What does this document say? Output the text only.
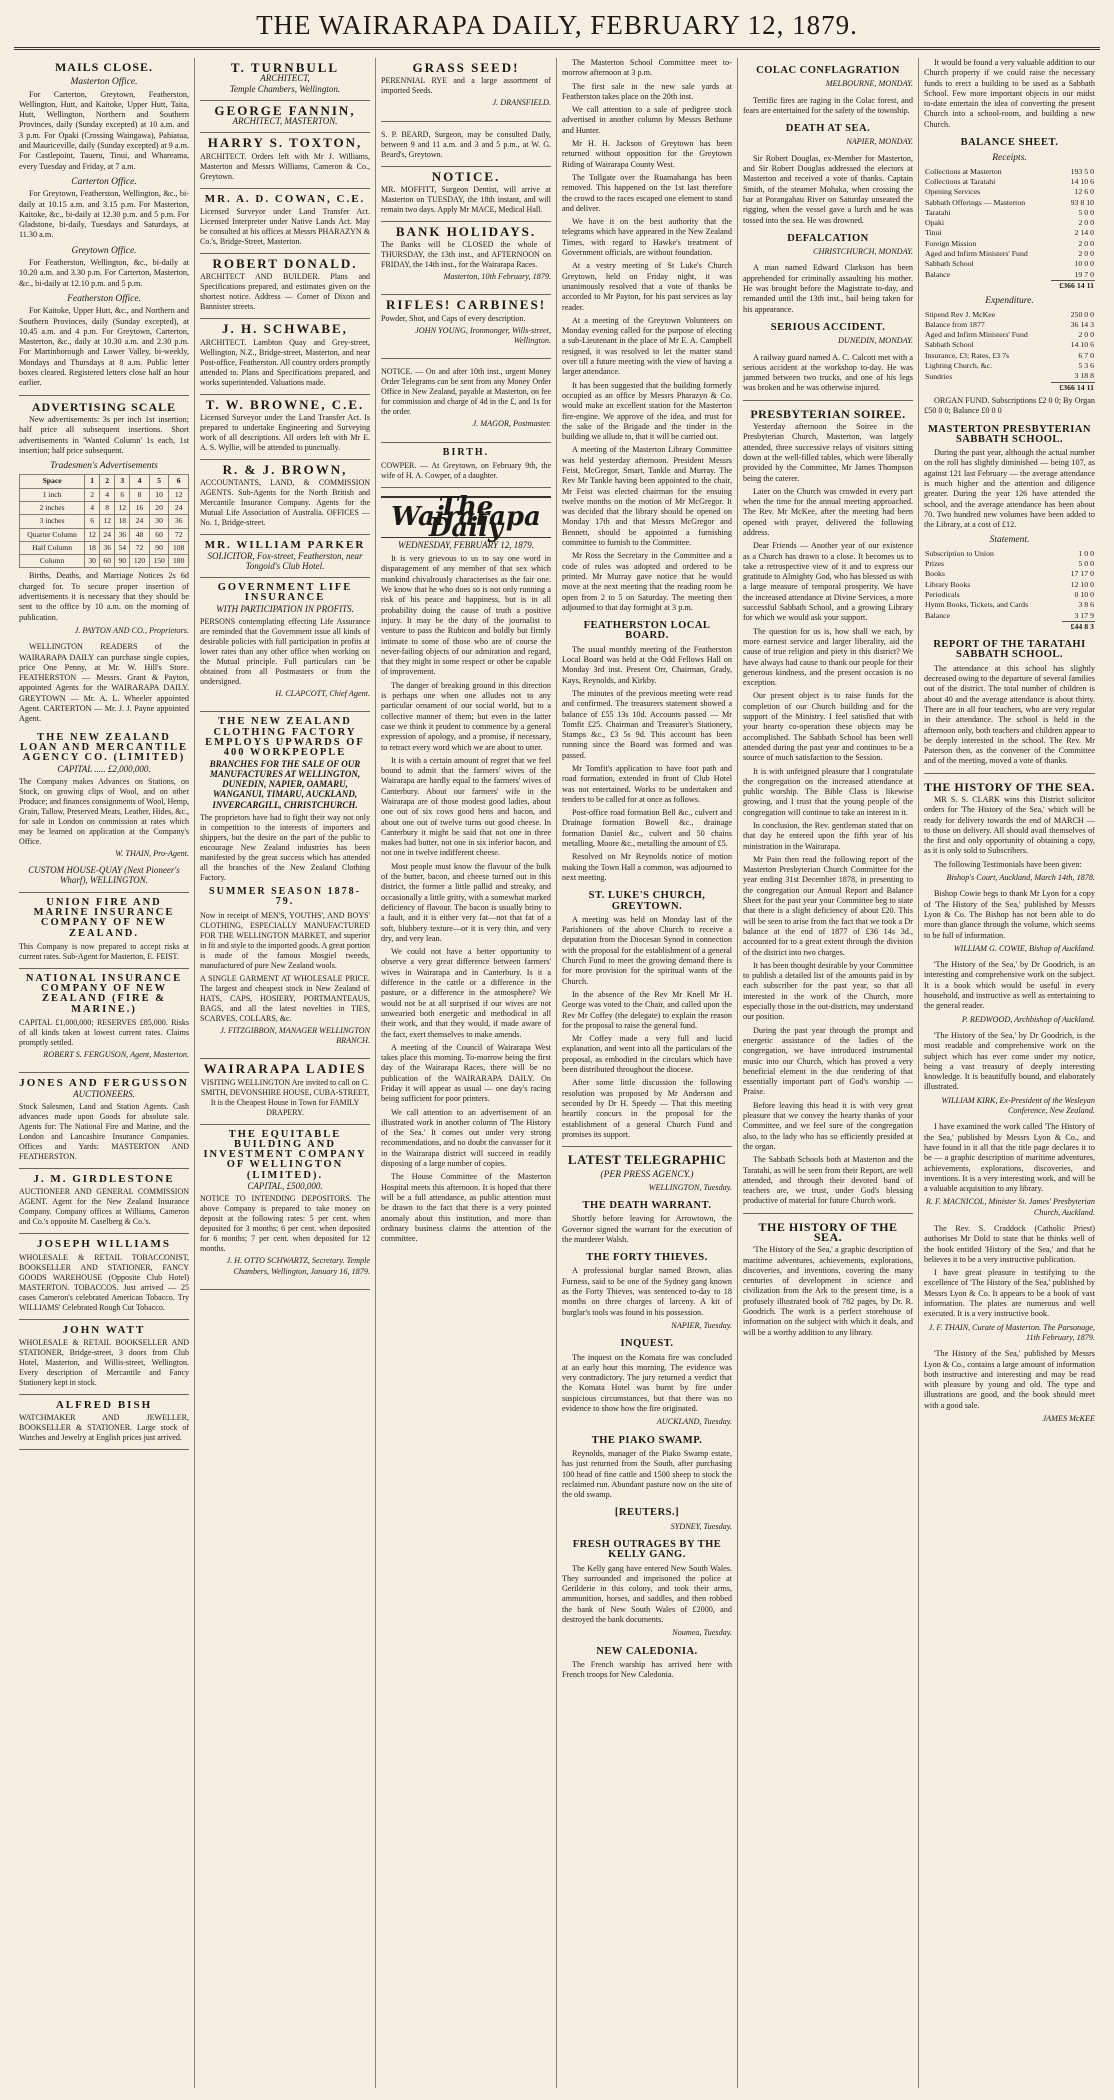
THE WAIRARAPA DAILY, FEBRUARY 12, 1879.
MAILS CLOSE.
Masterton Office.

For Carterton, Greytown, Featherston, Wellington, Hutt, and Kaitoke, Upper Hutt, Taita, Hutt, Wellington, Northern and Southern Provinces, daily (Sunday excepted) at 10 a.m. and 3 p.m. For Opaki (Crossing Waingawa), Pahiatua, and Mauriceville, daily (Sunday excepted) at 9 a.m. For Castlepoint, Taueru, Tinui, and Whareama, every Tuesday and Friday, at 7 a.m.

Carterton Office.

For Greytown, Featherston, Wellington, &c., bi-daily at 10.15 a.m. and 3.15 p.m. For Masterton, Kaitoke, &c., bi-daily at 12.30 p.m. and 5 p.m. For Gladstone, bi-daily, Tuesdays and Saturdays, at 11.30 a.m.

Greytown Office.

For Featherston, Wellington, &c., bi-daily at 10.20 a.m. and 3.30 p.m. For Carterton, Masterton, &c., bi-daily at 12.10 p.m. and 5 p.m.

Featherston Office.

For Kaitoke, Upper Hutt, &c., and Northern and Southern Provinces, daily (Sunday excepted), at 10.45 a.m. and 4 p.m. For Greytown, Carterton, Masterton, &c., daily at 10.30 a.m. and 2.30 p.m. For Martinborough and Lower Valley, bi-weekly, Mondays and Thursdays at 8 a.m. Public letter boxes cleared. Registered letters close half an hour earlier.

ADVERTISING SCALE

New advertisements: 3s per inch 1st insertion; half price all subsequent insertions. Short advertisements in 'Wanted Column' 1s each, 1st insertion; half price subsequent.

Tradesmen's Advertisements
Space	1	2	3	4	5	6
1 inch	2	4	6	8	10	12
2 inches	4	8	12	16	20	24
3 inches	6	12	18	24	30	36
Quarter Column	12	24	36	48	60	72
Half Column	18	36	54	72	90	108
Column	30	60	90	120	150	180

Births, Deaths, and Marriage Notices 2s 6d charged for. To secure proper insertion of advertisements it is necessary that they should be sent to the office by 10 a.m. on the morning of publication.

J. PAYTON AND CO., Proprietors.

WELLINGTON READERS of the WAIRARAPA DAILY can purchase single copies, price One Penny, at Mr. W. Hill's Store. FEATHERSTON — Messrs. Grant & Payton, appointed Agents for the WAIRARAPA DAILY. GREYTOWN — Mr. A. L. Wheeler appointed Agent. CARTERTON — Mr. J. J. Payne appointed Agent.

THE NEW ZEALAND LOAN AND MERCANTILE AGENCY CO. (LIMITED)
CAPITAL ..... £2,000,000.
The Company makes Advances on Stations, on Stock, on growing clips of Wool, and on other Produce; and finances consignments of Wool, Hemp, Grain, Tallow, Preserved Meats, Leather, Hides, &c., for sale in London on commission at rates which may be learned on application at the Company's Office.
W. THAIN, Pro-Agent.
CUSTOM HOUSE-QUAY (Next Pioneer's Wharf), WELLINGTON.
UNION FIRE AND MARINE INSURANCE COMPANY OF NEW ZEALAND.
This Company is now prepared to accept risks at current rates. Sub-Agent for Masterton, E. FEIST.
NATIONAL INSURANCE COMPANY OF NEW ZEALAND (FIRE & MARINE.)
CAPITAL £1,000,000; RESERVES £85,000. Risks of all kinds taken at lowest current rates. Claims promptly settled.
ROBERT S. FERGUSON, Agent, Masterton.
JONES AND FERGUSSON
AUCTIONEERS.
Stock Salesmen, Land and Station Agents. Cash advances made upon Goods for absolute sale. Agents for: The National Fire and Marine, and the London and Lancashire Insurance Companies. Offices and Yards: MASTERTON AND FEATHERSTON.
J. M. GIRDLESTONE
AUCTIONEER AND GENERAL COMMISSION AGENT. Agent for the New Zealand Insurance Company. Company offices at Williams, Cameron and Co.'s opposite M. Caselberg & Co.'s.
JOSEPH WILLIAMS
WHOLESALE & RETAIL TOBACCONIST, BOOKSELLER AND STATIONER, FANCY GOODS WAREHOUSE (Opposite Club Hotel) MASTERTON. TOBACCOS. Just arrived — 25 cases Cameron's celebrated American Tobacco. Try WILLIAMS' Celebrated Rough Cut Tobacco.
JOHN WATT
WHOLESALE & RETAIL BOOKSELLER AND STATIONER, Bridge-street, 3 doors from Club Hotel, Masterton, and Willis-street, Wellington. Every description of Mercantile and Fancy Stationery kept in stock.
ALFRED BISH
WATCHMAKER AND JEWELLER, BOOKSELLER & STATIONER. Large stock of Watches and Jewelry at English prices just arrived.
T. TURNBULL
ARCHITECT,
Temple Chambers, Wellington.
GEORGE FANNIN,
ARCHITECT, MASTERTON.
HARRY S. TOXTON,
ARCHITECT. Orders left with Mr J. Williams, Masterton and Messrs Williams, Cameron & Co., Greytown.
MR. A. D. COWAN, C.E.
Licensed Surveyor under Land Transfer Act. Licensed Interpreter under Native Lands Act. May be consulted at his offices at Messrs PHARAZYN & Co.'s, Bridge-Street, Masterton.
ROBERT DONALD.
ARCHITECT AND BUILDER. Plans and Specifications prepared, and estimates given on the shortest notice. Address — Corner of Dixon and Bannister streets.
J. H. SCHWABE,
ARCHITECT. Lambton Quay and Grey-street, Wellington, N.Z., Bridge-street, Masterton, and near Post-office, Featherston. All country orders promptly attended to. Plans and Specifications prepared, and works superintended. Valuations made.
T. W. BROWNE, C.E.
Licensed Surveyor under the Land Transfer Act. Is prepared to undertake Engineering and Surveying work of all descriptions. All orders left with Mr E. A. S. Wyllie, will be attended to punctually.
R. & J. BROWN,
ACCOUNTANTS, LAND, & COMMISSION AGENTS. Sub-Agents for the North British and Mercantile Insurance Company. Agents for the Mutual Life Association of Australia. OFFICES — No. 1, Bridge-street.
MR. WILLIAM PARKER
SOLICITOR, Fox-street, Featherston, near Tongoid's Club Hotel.
GOVERNMENT LIFE INSURANCE
WITH PARTICIPATION IN PROFITS.
PERSONS contemplating effecting Life Assurance are reminded that the Government issue all kinds of desirable policies with full participation in profits at lower rates than any other office when working on the Mutual principle. Full particulars can be obtained from all Postmasters or from the undersigned.
H. CLAPCOTT, Chief Agent.
THE NEW ZEALAND CLOTHING FACTORY EMPLOYS UPWARDS OF 400 WORKPEOPLE
BRANCHES FOR THE SALE OF OUR MANUFACTURES AT WELLINGTON, DUNEDIN, NAPIER, OAMARU, WANGANUI, TIMARU, AUCKLAND, INVERCARGILL, CHRISTCHURCH.
The proprietors have had to fight their way not only in competition to the interests of importers and shippers, but the desire on the part of the public to encourage New Zealand industries has been manifested by the great success which has attended all the branches of the New Zealand Clothing Factory.
SUMMER SEASON 1878-79.
Now in receipt of MEN'S, YOUTHS', AND BOYS' CLOTHING, ESPECIALLY MANUFACTURED FOR THE WELLINGTON MARKET, and superior in fit and style to the imported goods. A great portion is made of the famous Mosgiel tweeds, manufactured of pure New Zealand wools.
A SINGLE GARMENT AT WHOLESALE PRICE. The largest and cheapest stock in New Zealand of HATS, CAPS, HOSIERY, PORTMANTEAUS, BAGS, and all the latest novelties in TIES, SCARVES, COLLARS, &c.
J. FITZGIBBON, MANAGER WELLINGTON BRANCH.
WAIRARAPA LADIES
VISITING WELLINGTON Are invited to call on C. SMITH, DEVONSHIRE HOUSE, CUBA-STREET, It is the Cheapest House in Town for FAMILY DRAPERY.
THE EQUITABLE BUILDING AND INVESTMENT COMPANY OF WELLINGTON (LIMITED).
CAPITAL, £500,000.
NOTICE TO INTENDING DEPOSITORS. The above Company is prepared to take money on deposit at the following rates: 5 per cent. when deposited for 3 months; 6 per cent. when deposited for 6 months; 7 per cent. when deposited for 12 months.
J. H. OTTO SCHWARTZ, Secretary. Temple Chambers, Wellington, January 16, 1879.
GRASS SEED!
PERENNIAL RYE and a large assortment of imported Seeds.
J. DRANSFIELD.
S. P. BEARD, Surgeon, may be consulted Daily, between 9 and 11 a.m. and 3 and 5 p.m., at W. G. Beard's, Greytown.
NOTICE.
MR. MOFFITT, Surgeon Dentist, will arrive at Masterton on TUESDAY, the 18th instant, and will remain two days. Apply Mr MACE, Medical Hall.
BANK HOLIDAYS.
The Banks will be CLOSED the whole of THURSDAY, the 13th inst., and AFTERNOON on FRIDAY, the 14th inst., for the Wairarapa Races.
Masterton, 10th February, 1879.
RIFLES! CARBINES!
Powder, Shot, and Caps of every description.
JOHN YOUNG, Ironmonger, Wills-street, Wellington.
NOTICE. — On and after 10th inst., urgent Money Order Telegrams can be sent from any Money Order Office in New Zealand, payable at Masterton, on fee for commission and charge of 4d in the £, and 1s for the order.
J. MAGOR, Postmaster.
BIRTH.
COWPER. — At Greytown, on February 9th, the wife of H. A. Cowper, of a daughter.
The Wairarapa Daily
WEDNESDAY, FEBRUARY 12, 1879.

It is very grievous to us to say one word in disparagement of any member of that sex which mankind chivalrously characterises as the fair one. We know that he who does so is not only running a risk of his peace and happiness, but is in all probability doing the cause of truth a positive injury. It may be the duty of the journalist to venture to pass the Rubicon and boldly but firmly intimate to some of those who are of course the never-failing objects of our admiration and regard, that they might in some respect or other be capable of improvement.

The danger of breaking ground in this direction is perhaps one when one alludes not to any particular ornament of our social world, but to a collective manner of them; but even in the latter case we think it prudent to commence by a general expression of apology, and a promise, if necessary, to retract every word which we are about to utter.

It is with a certain amount of regret that we feel bound to admit that the farmers' wives of the Wairarapa are hardly equal to the farmers' wives of Canterbury. About our farmers' wife in the Wairarapa are of those modest good ladies, about one out of six cows good hens and bacon, and about one out of twelve turns out good cheese. In Canterbury it might be said that not one in three makes bad butter, not one in six inferior bacon, and not one in twelve indifferent cheese.

Most people must know the flavour of the bulk of the butter, bacon, and cheese turned out in this district, the former a little pallid and streaky, and occasionally a little gritty, with a somewhat marked deficiency of flavour. The bacon is usually briny to a fault, and it is either very fat—not that fat of a soft, blubbery texture—or it is very thin, and very dry, and very lean.

We could not have a better opportunity to observe a very great difference between farmers' wives in Wairarapa and in Canterbury. Is it a difference in the cattle or a difference in the pasture, or a difference in the atmosphere? We would not be at all surprised if our wives are not unwearied both energetic and methodical in all their work, and that they would, if made aware of the fact, exert themselves to make amends.

A meeting of the Council of Wairarapa West takes place this morning. To-morrow being the first day of the Wairarapa Races, there will be no publication of the WAIRARAPA DAILY. On Friday it will appear as usual — one day's racing being sufficient for poor printers.

We call attention to an advertisement of an illustrated work in another column of 'The History of the Sea.' It comes out under very strong recommendations, and no doubt the canvasser for it in the Wairarapa district will succeed in readily disposing of a large number of copies.

The House Committee of the Masterton Hospital meets this afternoon. It is hoped that there will be a full attendance, as public attention must be drawn to the fact that there is a very pointed anomaly about this institution, and more than ordinary business claims the attention of the committee.

The Masterton School Committee meet to-morrow afternoon at 3 p.m.

The first sale in the new sale yards at Featherston takes place on the 20th inst.

We call attention to a sale of pedigree stock advertised in another column by Messrs Bethune and Hunter.

Mr H. H. Jackson of Greytown has been returned without opposition for the Greytown Riding of Wairarapa County West.

The Tollgate over the Ruamahanga has been removed. This happened on the 1st last therefore the crowd to the races escaped one element to stand and deliver.

We have it on the best authority that the telegrams which have appeared in the New Zealand Times, with regard to Hawke's treatment of Government officials, are without foundation.

At a vestry meeting of St Luke's Church Greytown, held on Friday night, it was unanimously resolved that a vote of thanks be accorded to Mr Payton, for his past services as lay reader.

At a meeting of the Greytown Volunteers on Monday evening called for the purpose of electing a sub-Lieutenant in the place of Mr E. A. Campbell resigned, it was resolved to let the matter stand over till a future meeting with the view of having a larger attendance.

It has been suggested that the building formerly occupied as an office by Messrs Pharazyn & Co. would make an excellent station for the Masterton fire-engine. We approve of the idea, and trust for the sake of the Brigade and the tinder in the building we allude to, that it will be carried out.

A meeting of the Masterton Library Committee was held yesterday afternoon. President Messrs Feist, McGregor, Smart, Tankle and Murray. The Rev Mr Tankle having been appointed to the chair, Mr Feist was elected chairman for the ensuing twelve months on the motion of Mr McGregor. It was decided that the library should be opened on Monday 17th and that Messrs McGregor and Bennett, should be appointed a furnishing committee to furnish to the Committee.

Mr Ross the Secretary in the Committee and a code of rules was adopted and ordered to be printed. Mr Murray gave notice that he would move at the next meeting that the reading room be open from 2 to 5 on Saturday. The meeting then adjourned to that day fortnight at 3 p.m.

FEATHERSTON LOCAL BOARD.

The usual monthly meeting of the Featherston Local Board was held at the Odd Fellows Hall on Monday 3rd inst. Present Orr, Chairman, Grady, Kays, Reynolds, and Kirkby.

The minutes of the previous meeting were read and confirmed. The treasurers statement showed a balance of £55 13s 10d. Accounts passed — Mr Tomfit £25. Chairman and Treasurer's Stationery, Stamps &c., £3 5s 9d. This account has been running since the Board was formed and was passed.

Mr Tomfit's application to have foot path and road formation, extended in front of Club Hotel was not entertained. Works to be undertaken and tenders to be called for at once as follows.

Post-office road formation Bell &c., culvert and Drainage formation Bowell &c., drainage formation Daniel &c., culvert and 50 chains metalling, Moore &c., metalling the amount of £5.

Resolved on Mr Reynolds notice of motion making the Town Hall a common, was adjourned to next meeting.

ST. LUKE'S CHURCH, GREYTOWN.

A meeting was held on Monday last of the Parishioners of the above Church to receive a deputation from the Diocesan Synod in connection with the proposal for the establishment of a general Church Fund to meet the growing demand there is for more provision for the spiritual wants of the Church.

In the absence of the Rev Mr Knell Mr H. George was voted to the Chair, and called upon the Rev Mr Coffey (the delegate) to explain the reason for the proposal to raise the general fund.

Mr Coffey made a very full and lucid explanation, and went into all the particulars of the proposal, as embodied in the circulars which have been distributed throughout the diocese.

After some little discussion the following resolution was proposed by Mr Anderson and seconded by Dr H. Speedy — That this meeting heartily concurs in the proposal for the establishment of a general Church Fund and promises its support.

LATEST TELEGRAPHIC
(PER PRESS AGENCY.)
WELLINGTON, Tuesday.
THE DEATH WARRANT.

Shortly before leaving for Arrowtown, the Governor signed the warrant for the execution of the murderer Walsh.

THE FORTY THIEVES.

A professional burglar named Brown, alias Furness, said to be one of the Sydney gang known as the Forty Thieves, was sentenced to-day to 18 months on three charges of larceny. A kit of burglar's tools was found in his possession.

NAPIER, Tuesday.
INQUEST.

The inquest on the Komata fire was concluded at an early hour this morning. The evidence was very contradictory. The jury returned a verdict that the Komata Hotel was burnt by fire under suspicious circumstances, but that there was no evidence to show how the fire originated.

AUCKLAND, Tuesday.
THE PIAKO SWAMP.

Reynolds, manager of the Piako Swamp estate, has just returned from the South, after purchasing 100 head of fine cattle and 1500 sheep to stock the reclaimed run. Abundant pasture now on the site of the old swamp.

[REUTERS.]
SYDNEY, Tuesday.
FRESH OUTRAGES BY THE KELLY GANG.

The Kelly gang have entered New South Wales. They surrounded and imprisoned the police at Gerilderie in this colony, and took their arms, ammunition, horses, and saddles, and then robbed the bank of New South Wales of £2000, and destroyed the bank documents.

Noumea, Tuesday.
NEW CALEDONIA.

The French warship has arrived here with French troops for New Caledonia.

COLAC CONFLAGRATION
MELBOURNE, MONDAY.

Terrific fires are raging in the Colac forest, and fears are entertained for the safety of the township.

DEATH AT SEA.
NAPIER, MONDAY.

Sir Robert Douglas, ex-Member for Masterton, and Sir Robert Douglas addressed the electors at Masterton and received a vote of thanks. Captain Smith, of the steamer Mohaka, when crossing the bar at Porangahau River on Saturday unseated the rigging, when the vessel gave a lurch and he was tossed into the sea. He was drowned.

DEFALCATION
CHRISTCHURCH, MONDAY.

A man named Edward Clarkson has been apprehended for criminally assaulting his mother. He was brought before the Magistrate to-day, and remanded until the 13th inst., bail being taken for his appearance.

SERIOUS ACCIDENT.
DUNEDIN, MONDAY.

A railway guard named A. C. Calcott met with a serious accident at the workshop to-day. He was jammed between two trucks, and one of his legs was broken and he was otherwise injured.

PRESBYTERIAN SOIREE.

Yesterday afternoon the Soiree in the Presbyterian Church, Masterton, was largely attended, three successive relays of visitors sitting down at the well-filled tables, which were liberally provided by the Committee, Mr James Thompson being the caterer.

Later on the Church was crowded in every part when the time for the annual meeting approached. The Rev. Mr McKee, after the meeting had been opened with prayer, delivered the following address.

Dear Friends — Another year of our existence as a Church has drawn to a close. It becomes us to take a retrospective view of it and to express our gratitude to Almighty God, who has blessed us with a large measure of temporal prosperity. We have the increased attendance at Divine Services, a more successful Sabbath School, and a growing Library for which we would ask your support.

The question for us is, how shall we each, by more earnest service and larger liberality, aid the cause of true religion and piety in this district? We have always had cause to thank our people for their generous kindness, and the present occasion is no exception.

Our present object is to raise funds for the completion of our Church building and for the support of the Ministry. I feel satisfied that with your hearty co-operation these objects may be accomplished. The Sabbath School has been well attended during the past year and continues to be a source of much satisfaction to the Session.

It is with unfeigned pleasure that I congratulate the congregation on the increased attendance at public worship. The Bible Class is likewise growing, and I trust that the young people of the congregation will continue to take an interest in it.

In conclusion, the Rev. gentleman stated that on that day he entered upon the fifth year of his ministration in the Wairarapa.

Mr Pain then read the following report of the Masterton Presbyterian Church Committee for the year ending 31st December 1878, in presenting to the congregation our Annual Report and Balance Sheet for the past year your Committee beg to state that there is a slight deficiency of about £20. This will be seen to arise from the fact that we took a Dr balance at the end of 1877 of £36 14s 3d., accounted for to a great extent through the division of the district into two charges.

It has been thought desirable by your Committee to publish a detailed list of the amounts paid in by each subscriber for the past year, so that all interested in the work of the Church, more especially those in the out-districts, may understand our position.

During the past year through the prompt and energetic assistance of the ladies of the congregation, we have introduced instrumental music into our Church, which has proved a very beneficial element in the due rendering of that essentially important part of God's worship — Praise.

Before leaving this head it is with very great pleasure that we convey the hearty thanks of your Committee, and we feel sure of the congregation also, to the lady who has so efficiently presided at the organ.

The Sabbath Schools both at Masterton and the Taratahi, as will be seen from their Report, are well attended, and through their devoted band of teachers are, we trust, under God's blessing productive of material for future Church work.

THE HISTORY OF THE SEA.

'The History of the Sea,' a graphic description of maritime adventures, achievements, explorations, discoveries, and inventions, covering the many centuries of development in science and civilization from the Ark to the present time, is a profusely illustrated book of 782 pages, by Dr. R. Goodrich. The work is a perfect storehouse of information on the subject with which it deals, and will be a worthy addition to any library.

It would be found a very valuable addition to our Church property if we could raise the necessary funds to erect a building to be used as a Sabbath School. Few more important objects in our midst to-date entertain the idea of converting the present Church into a school-room, and building a new Church.

BALANCE SHEET.
Receipts.
Collections at Masterton	193 5 0
Collections at Taratahi	14 10 6
Opening Services	12 6 0
Sabbath Offerings — Masterton	93 8 10
Taratahi	5 0 0
Opaki	2 0 0
Tinui	2 14 0
Foreign Mission	2 0 0
Aged and Infirm Ministers' Fund	2 0 0
Sabbath School	10 0 0
Balance	19 7 0
	£366 14 11
Expenditure.
Stipend Rev J. McKee	250 0 0
Balance from 1877	36 14 3
Aged and Infirm Ministers' Fund	2 0 0
Sabbath School	14 10 6
Insurance, £3; Rates, £3 7s	6 7 0
Lighting Church, &c.	5 3 6
Sundries	3 18 8
	£366 14 11

ORGAN FUND. Subscriptions £2 0 0; By Organ £50 0 0; Balance £0 0 0

MASTERTON PRESBYTERIAN SABBATH SCHOOL.

During the past year, although the actual number on the roll has slightly diminished — being 107, as against 121 last February — the average attendance is much higher and the attention and diligence greater. During the year 126 have attended the school, and the average attendance has been about 70. Two hundred new volumes have been added to the Library, at a cost of £12.

Statement.
Subscription to Union	1 0 0
Prizes	5 0 0
Books	17 17 0
Library Books	12 10 0
Periodicals	0 10 0
Hymn Books, Tickets, and Cards	3 8 6
Balance	3 17 9
	£44 8 3
REPORT OF THE TARATAHI SABBATH SCHOOL.

The attendance at this school has slightly decreased owing to the departure of several families out of the district. The total number of children is about 40 and the average attendance is about thirty. There are in all four teachers, who are very regular in their attendance. The school is held in the afternoon only, both teachers and children appear to be deeply interested in the school. The Rev. Mr Paterson then, as the convener of the Committee and of the meeting, moved a vote of thanks.

THE HISTORY OF THE SEA.

MR S. S. CLARK wins this District solicitor orders for 'The History of the Sea,' which will be ready for delivery towards the end of MARCH — to those on delivery. All should avail themselves of the first and only opportunity of obtaining a copy, as it is only sold to Subscribers.

The following Testimonials have been given:

Bishop's Court, Auckland, March 14th, 1878.

Bishop Cowie begs to thank Mr Lyon for a copy of 'The History of the Sea,' published by Messrs Lyon & Co. The Bishop has not been able to do more than glance through the volume, which seems to be full of information.

WILLIAM G. COWIE, Bishop of Auckland.

'The History of the Sea,' by Dr Goodrich, is an interesting and comprehensive work on the subject. It is a book which would be useful in every household, and instructive as well as entertaining to the general reader.

P. REDWOOD, Archbishop of Auckland.

'The History of the Sea,' by Dr Goodrich, is the most readable and comprehensive work on the subject which has ever come under my notice, being a vast treasury of deeply interesting knowledge. It is beautifully bound, and elaborately illustrated.

WILLIAM KIRK, Ex-President of the Wesleyan Conference, New Zealand.

I have examined the work called 'The History of the Sea,' published by Messrs Lyon & Co., and have found in it all that the title page declares it to be — a graphic description of maritime adventures, achievements, explorations, discoveries, and inventions. It is a very interesting work, and will be a valuable acquisition to any library.

R. F. MACNICOL, Minister St. James' Presbyterian Church, Auckland.

The Rev. S. Craddock (Catholic Priest) authorises Mr Dold to state that he thinks well of the book entitled 'History of the Sea,' and that he believes it to be a very instructive publication.

I have great pleasure in testifying to the excellence of 'The History of the Sea,' published by Messrs Lyon & Co. It appears to be a book of vast information. The plates are numerous and well executed. It is a very instructive book.

J. F. THAIN, Curate of Masterton. The Parsonage, 11th February, 1879.

'The History of the Sea,' published by Messrs Lyon & Co., contains a large amount of information both instructive and interesting and may be read with pleasure by young and old. The type and illustrations are good, and the book should meet with a good sale.

JAMES McKEE
